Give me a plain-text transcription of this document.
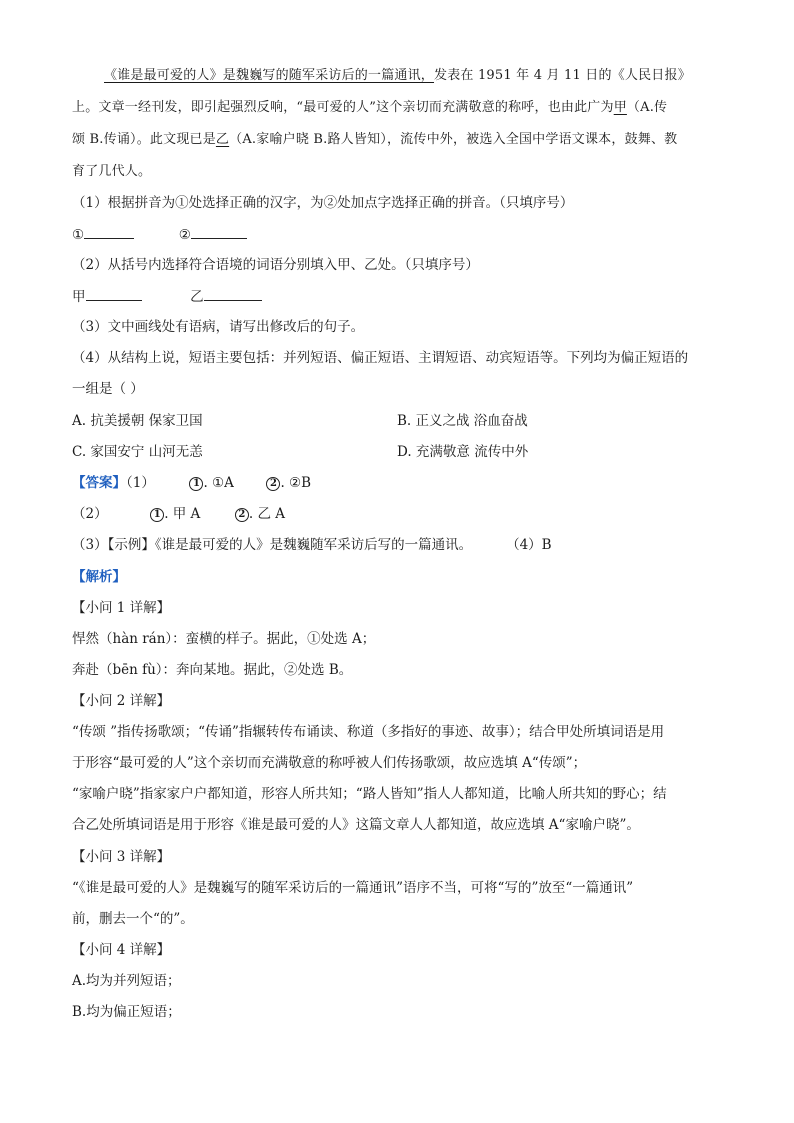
《谁是最可爱的人》是魏巍写的随军采访后的一篇通讯，发表在 1951 年 4 月 11 日的《人民日报》
上。文章一经刊发，即引起强烈反响，“最可爱的人”这个亲切而充满敬意的称呼，也由此广为甲（A.传
颂 B.传诵）。此文现已是乙（A.家喻户晓 B.路人皆知），流传中外，被选入全国中学语文课本，鼓舞、教
育了几代人。
（1）根据拼音为①处选择正确的汉字，为②处加点字选择正确的拼音。（只填序号）
①	②
（2）从括号内选择符合语境的词语分别填入甲、乙处。（只填序号）
甲	乙
（3）文中画线处有语病，请写出修改后的句子。
（4）从结构上说，短语主要包括：并列短语、偏正短语、主谓短语、动宾短语等。下列均为偏正短语的
一组是（ ）
A. 抗美援朝 保家卫国	B. 正义之战 浴血奋战
C. 家国安宁 山河无恙	D. 充满敬意 流传中外
【答案】（1）	1 . ①A	2 . ②B
（2）	1 . 甲 A	2 . 乙 A
（3）【示例】《谁是最可爱的人》是魏巍随军采访后写的一篇通讯。	（4）B
【解析】
【小问 1 详解】
悍然（hàn rán）：蛮横的样子。据此，①处选 A；
奔赴（bēn fù）：奔向某地。据此，②处选 B。
【小问 2 详解】
“传颂 ”指传扬歌颂；“传诵”指辗转传布诵读、称道（多指好的事迹、故事）；结合甲处所填词语是用
于形容“最可爱的人”这个亲切而充满敬意的称呼被人们传扬歌颂，故应选填 A“传颂”；
“家喻户晓”指家家户户都知道，形容人所共知；“路人皆知”指人人都知道，比喻人所共知的野心；结
合乙处所填词语是用于形容《谁是最可爱的人》这篇文章人人都知道，故应选填 A“家喻户晓”。
【小问 3 详解】
“《谁是最可爱的人》是魏巍写的随军采访后的一篇通讯”语序不当，可将“写的”放至“一篇通讯”
前，删去一个“的”。
【小问 4 详解】
A.均为并列短语；
B.均为偏正短语；
